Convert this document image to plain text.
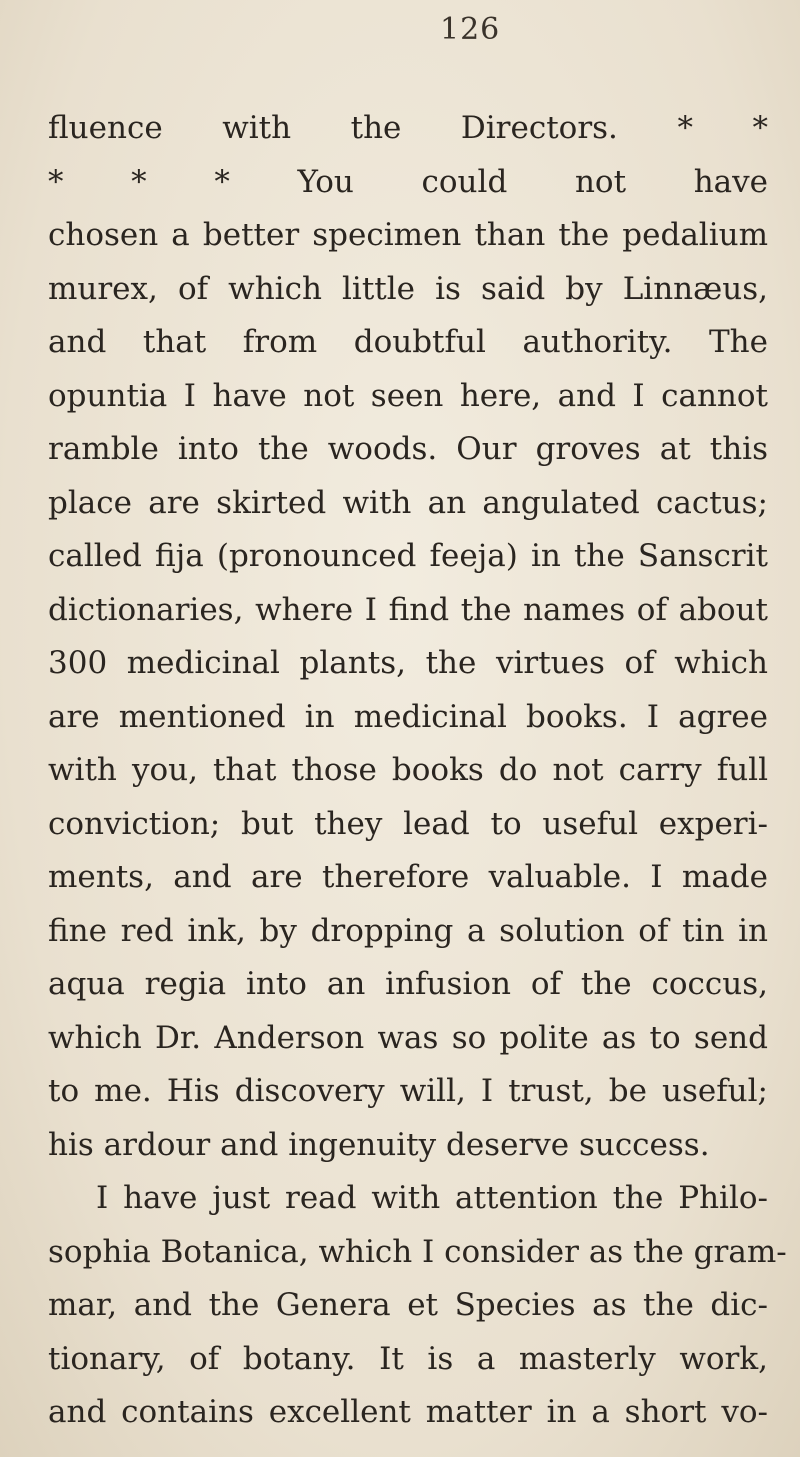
126
fluence with the Directors. * *
* * * You could not have
chosen a better specimen than the pedalium
murex, of which little is said by Linnæus,
and that from doubtful authority. The
opuntia I have not seen here, and I cannot
ramble into the woods. Our groves at this
place are skirted with an angulated cactus;
called fija (pronounced feeja) in the Sanscrit
dictionaries, where I find the names of about
300 medicinal plants, the virtues of which
are mentioned in medicinal books. I agree
with you, that those books do not carry full
conviction; but they lead to useful experi-
ments, and are therefore valuable. I made
fine red ink, by dropping a solution of tin in
aqua regia into an infusion of the coccus,
which Dr. Anderson was so polite as to send
to me. His discovery will, I trust, be useful;
his ardour and ingenuity deserve success.
I have just read with attention the Philo-
sophia Botanica, which I consider as the gram-
mar, and the Genera et Species as the dic-
tionary, of botany. It is a masterly work,
and contains excellent matter in a short vo-
